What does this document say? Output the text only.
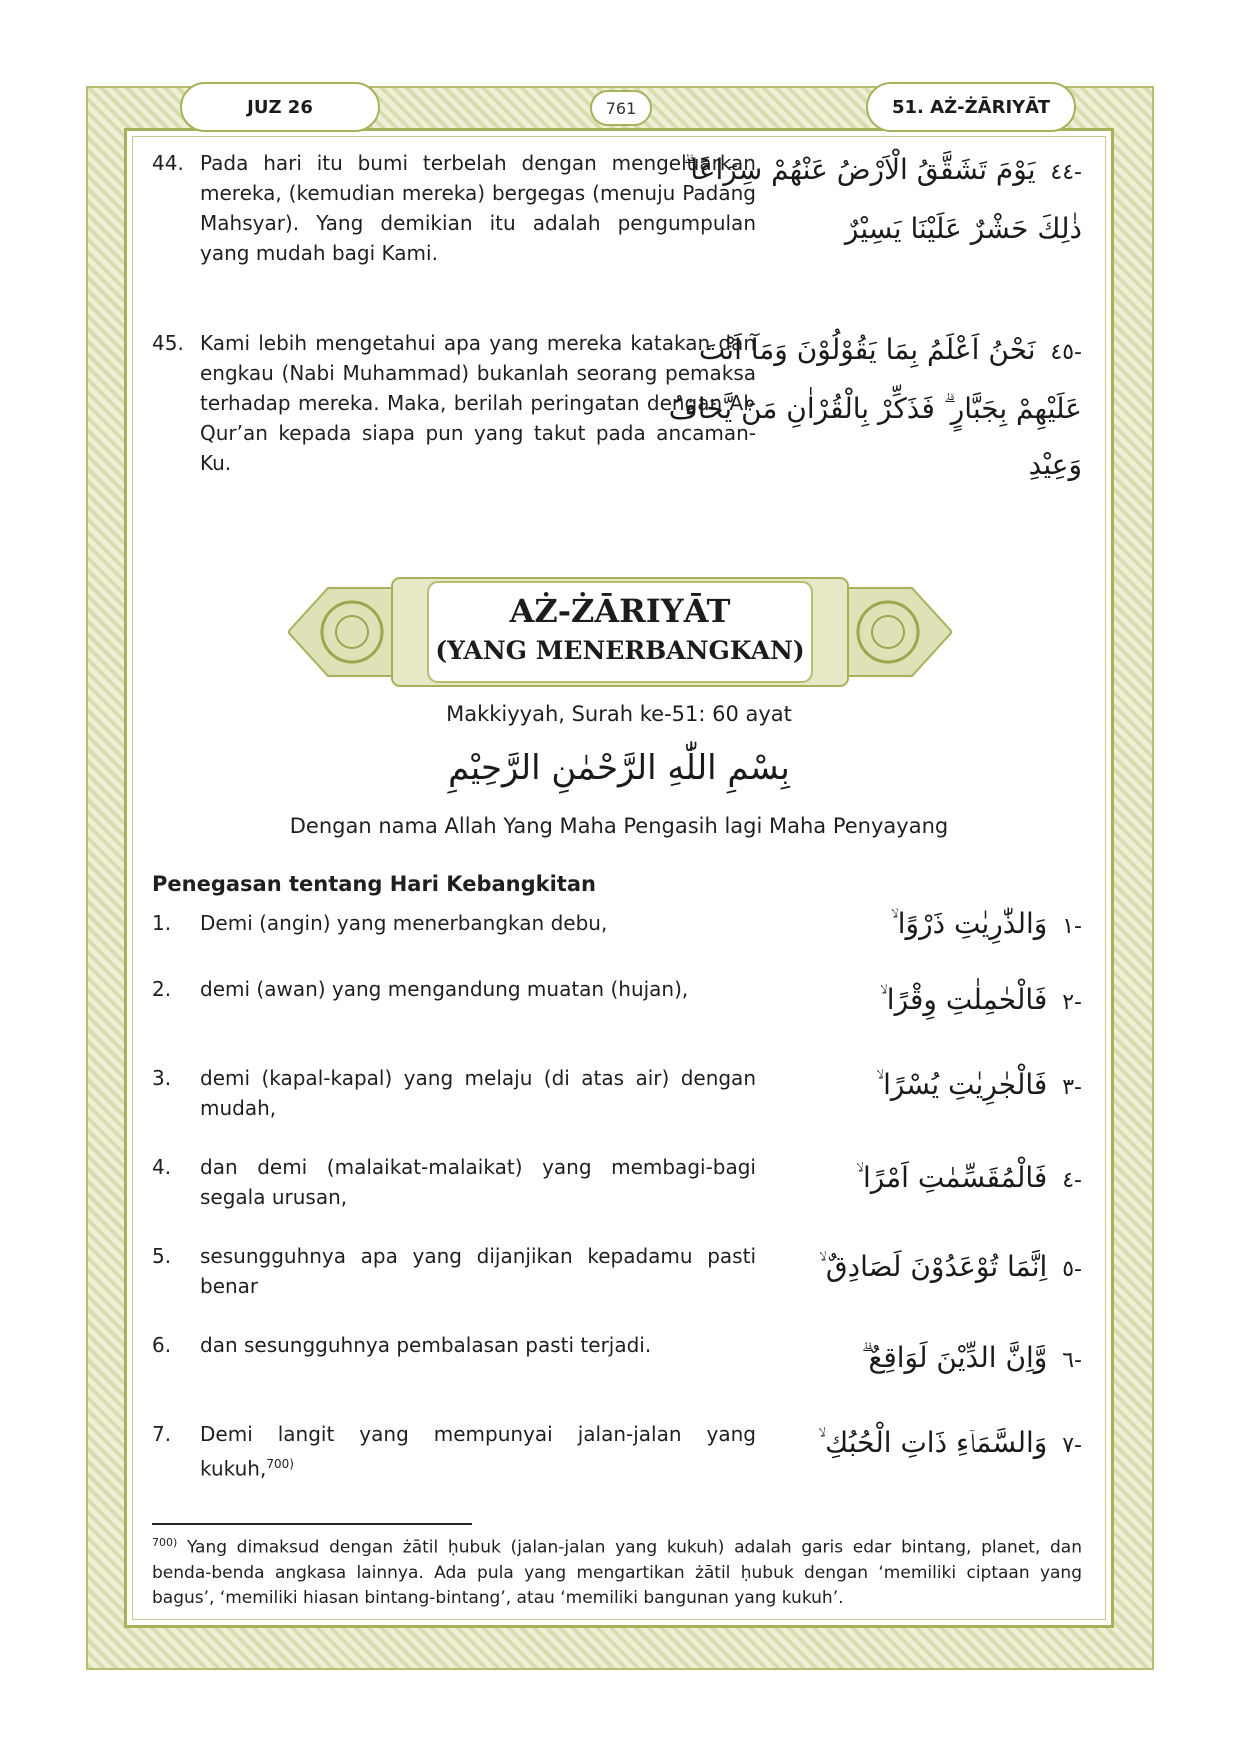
JUZ 26	761	51. AŻ-ŻĀRIYĀT
44. Pada hari itu bumi terbelah dengan mengeluarkan mereka, (kemudian mereka) bergegas (menuju Padang Mahsyar). Yang demikian itu adalah pengumpulan yang mudah bagi Kami.
-٤٤ يَوْمَ تَشَقَّقُ الْاَرْضُ عَنْهُمْ سِرَاعًا ۗ ذٰلِكَ حَشْرٌ عَلَيْنَا يَسِيْرٌ
45. Kami lebih mengetahui apa yang mereka katakan dan engkau (Nabi Muhammad) bukanlah seorang pemaksa terhadap mereka. Maka, berilah peringatan dengan Al-Qur’an kepada siapa pun yang takut pada ancaman-Ku.
-٤٥ نَحْنُ اَعْلَمُ بِمَا يَقُوْلُوْنَ وَمَآ اَنْتَ عَلَيْهِمْ بِجَبَّارٍ ۗ فَذَكِّرْ بِالْقُرْاٰنِ مَنْ يَّخَافُ وَعِيْدِ
AŻ-ŻĀRIYĀT
(YANG MENERBANGKAN)
Makkiyyah, Surah ke-51: 60 ayat
بِسْمِ اللّٰهِ الرَّحْمٰنِ الرَّحِيْمِ
Dengan nama Allah Yang Maha Pengasih lagi Maha Penyayang
Penegasan tentang Hari Kebangkitan
1. Demi (angin) yang menerbangkan debu,	-١ وَالذّٰرِيٰتِ ذَرْوًا ۙ
2. demi (awan) yang mengandung muatan (hujan),
-٢ فَالْحٰمِلٰتِ وِقْرًا ۙ
3. demi (kapal-kapal) yang melaju (di atas air) dengan mudah,
-٣ فَالْجٰرِيٰتِ يُسْرًا ۙ
4. dan demi (malaikat-malaikat) yang membagi-bagi segala urusan,
-٤ فَالْمُقَسِّمٰتِ اَمْرًا ۙ
5. sesungguhnya apa yang dijanjikan kepadamu pasti benar
-٥ اِنَّمَا تُوْعَدُوْنَ لَصَادِقٌ ۙ
6. dan sesungguhnya pembalasan pasti terjadi.
-٦ وَّاِنَّ الدِّيْنَ لَوَاقِعٌ ۗ
7. Demi langit yang mempunyai jalan-jalan yang kukuh,$^{700)}$
-٧ وَالسَّمَاۤءِ ذَاتِ الْحُبُكِ ۙ
$^{700)}$ Yang dimaksud dengan żātil ḥubuk (jalan-jalan yang kukuh) adalah garis edar bintang, planet, dan benda-benda angkasa lainnya. Ada pula yang mengartikan żātil ḥubuk dengan ‘memiliki ciptaan yang bagus’, ‘memiliki hiasan bintang-bintang’, atau ‘memiliki bangunan yang kukuh’.
